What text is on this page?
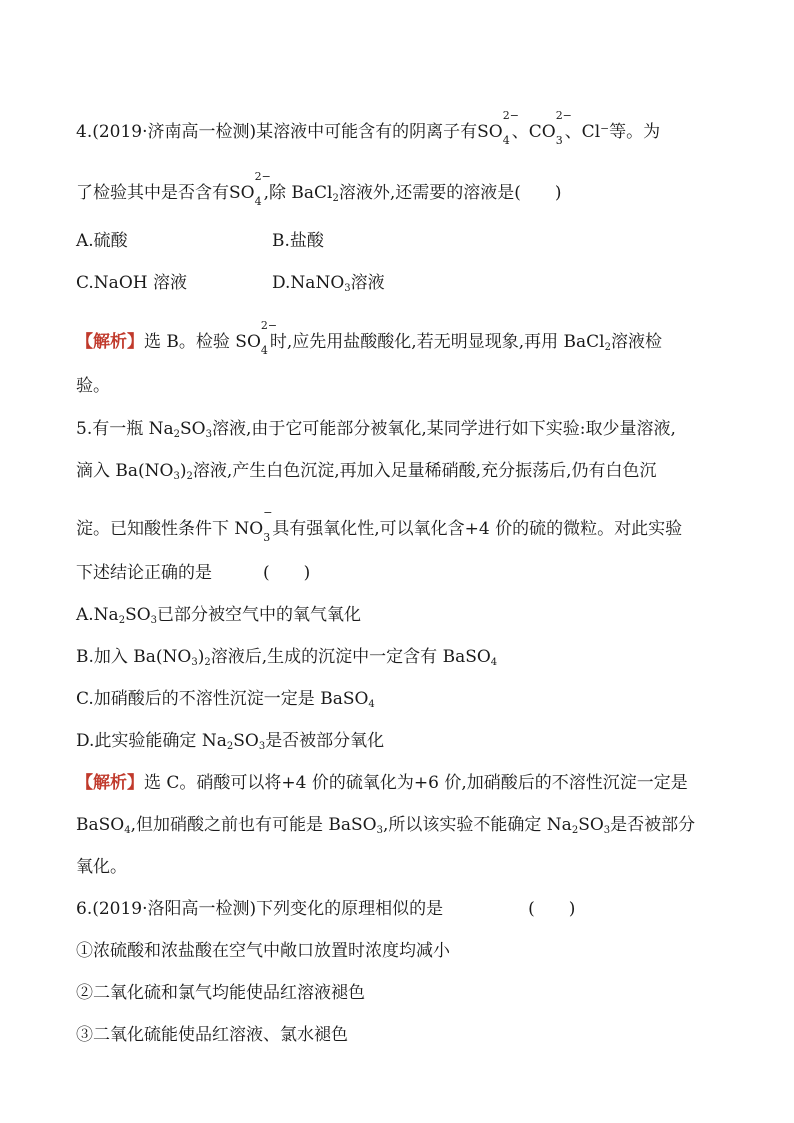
4.(2019·济南高一检测)某溶液中可能含有的阴离子有SO
2−
$_4$ 、CO
2−
$_3$ 、Cl⁻等。为

了检验其中是否含有SO
2−
$_4$ ,除 BaCl$_2$溶液外,还需要的溶液是(　　)

A.硫酸	B.盐酸
C.NaOH 溶液	D.NaNO$_3$溶液

【解析】选 B。检验 SO
2−
$_4$ 时,应先用盐酸酸化,若无明显现象,再用 BaCl$_2$溶液检

验。

5.有一瓶 $Na_2SO_3$溶液,由于它可能部分被氧化,某同学进行如下实验:取少量溶液,

滴入 $Ba(NO_3)_2$溶液,产生白色沉淀,再加入足量稀硝酸,充分振荡后,仍有白色沉

淀。已知酸性条件下 NO
−
$_3$ 具有强氧化性,可以氧化含+4 价的硫的微粒。对此实验

下述结论正确的是　　　(　　)

$A.Na_2SO_3$已部分被空气中的氧气氧化

B.加入 $Ba(NO_3)_2$溶液后,生成的沉淀中一定含有 BaSO$_4$

C.加硝酸后的不溶性沉淀一定是 BaSO$_4$

D.此实验能确定 $Na_2SO_3$是否被部分氧化

【解析】选 C。硝酸可以将+4 价的硫氧化为+6 价,加硝酸后的不溶性沉淀一定是

BaSO$_4$,但加硝酸之前也有可能是 BaSO$_3$,所以该实验不能确定 $Na_2SO_3$是否被部分

氧化。

6.(2019·洛阳高一检测)下列变化的原理相似的是　　　　　(　　)

①浓硫酸和浓盐酸在空气中敞口放置时浓度均减小

②二氧化硫和氯气均能使品红溶液褪色

③二氧化硫能使品红溶液、氯水褪色
